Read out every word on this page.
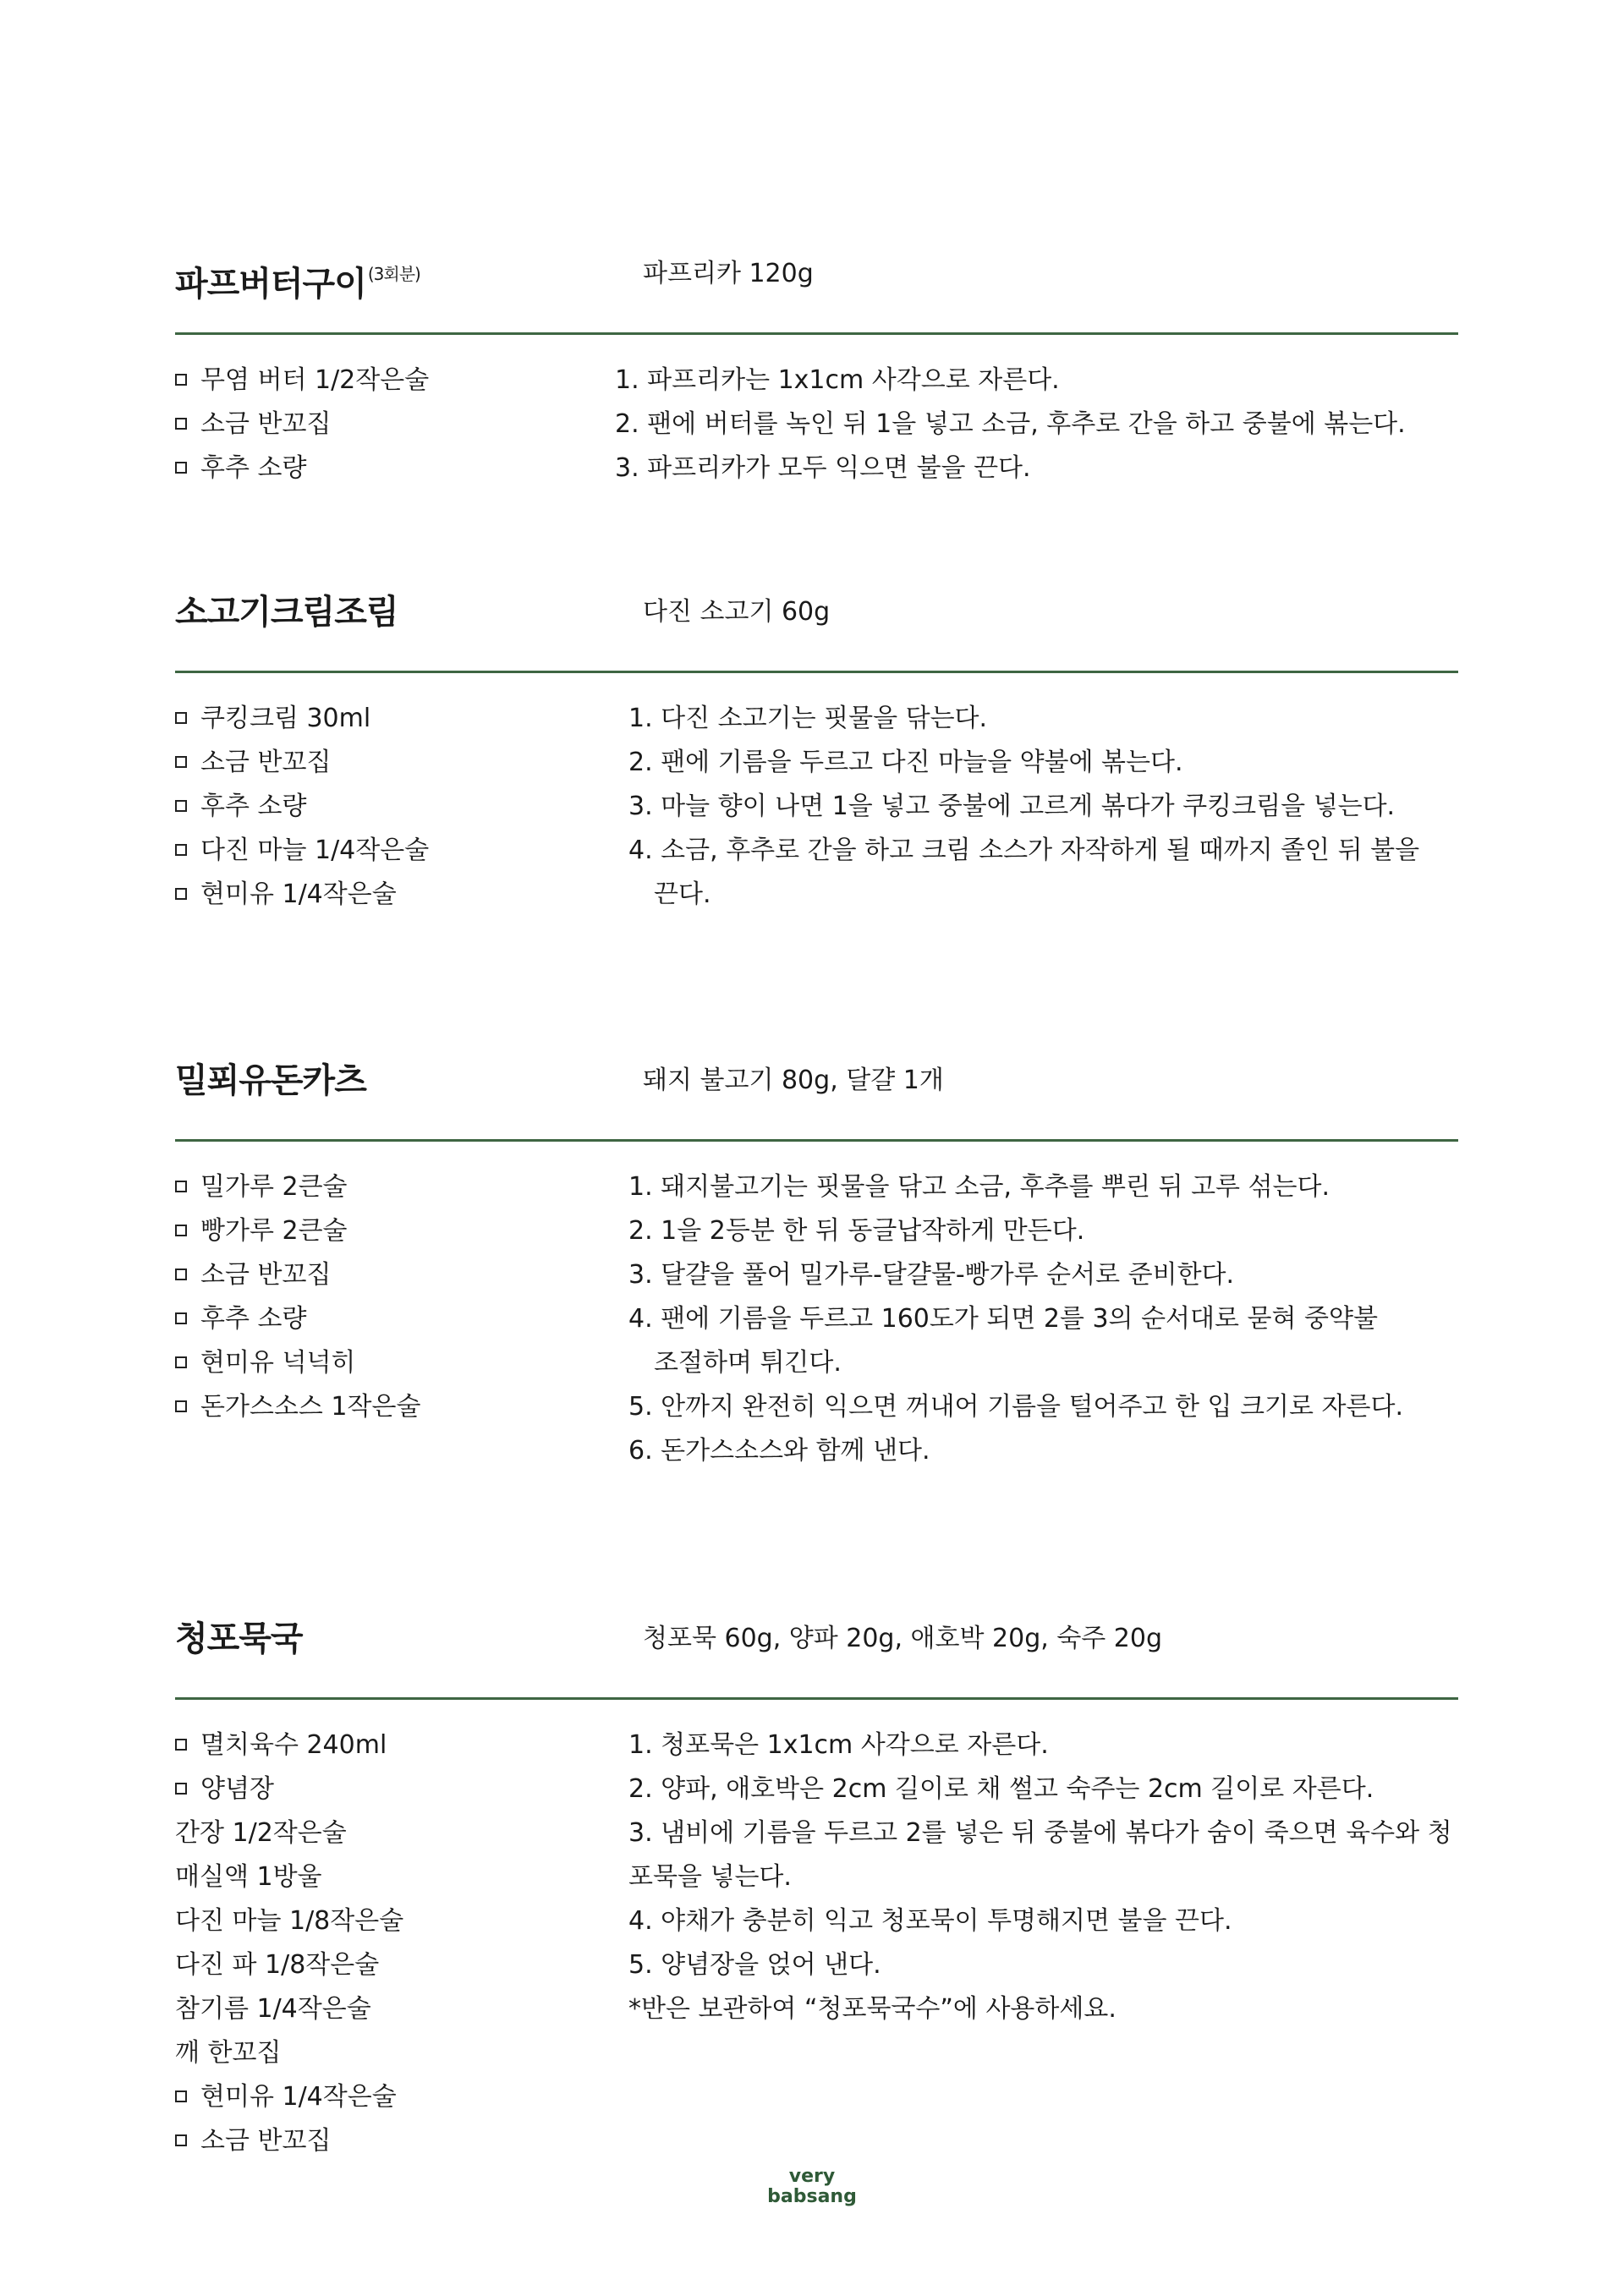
파프버터구이 $^{(3회분)}$	파프리카 120g
무염 버터 1/2작은술
소금 반꼬집
후추 소량
1. 파프리카는 1x1cm 사각으로 자른다.
2. 팬에 버터를 녹인 뒤 1을 넣고 소금, 후추로 간을 하고 중불에 볶는다.
3. 파프리카가 모두 익으면 불을 끈다.
소고기크림조림	다진 소고기 60g
쿠킹크림 30ml
소금 반꼬집
후추 소량
다진 마늘 1/4작은술
현미유 1/4작은술
1. 다진 소고기는 핏물을 닦는다.
2. 팬에 기름을 두르고 다진 마늘을 약불에 볶는다.
3. 마늘 향이 나면 1을 넣고 중불에 고르게 볶다가 쿠킹크림을 넣는다.
4. 소금, 후추로 간을 하고 크림 소스가 자작하게 될 때까지 졸인 뒤 불을
끈다.
밀푀유돈카츠	돼지 불고기 80g, 달걀 1개
밀가루 2큰술
빵가루 2큰술
소금 반꼬집
후추 소량
현미유 넉넉히
돈가스소스 1작은술
1. 돼지불고기는 핏물을 닦고 소금, 후추를 뿌린 뒤 고루 섞는다.
2. 1을 2등분 한 뒤 동글납작하게 만든다.
3. 달걀을 풀어 밀가루-달걀물-빵가루 순서로 준비한다.
4. 팬에 기름을 두르고 160도가 되면 2를 3의 순서대로 묻혀 중약불
조절하며 튀긴다.
5. 안까지 완전히 익으면 꺼내어 기름을 털어주고 한 입 크기로 자른다.
6. 돈가스소스와 함께 낸다.
청포묵국	청포묵 60g, 양파 20g, 애호박 20g, 숙주 20g
멸치육수 240ml
양념장
간장 1/2작은술
매실액 1방울
다진 마늘 1/8작은술
다진 파 1/8작은술
참기름 1/4작은술
깨 한꼬집
현미유 1/4작은술
소금 반꼬집
1. 청포묵은 1x1cm 사각으로 자른다.
2. 양파, 애호박은 2cm 길이로 채 썰고 숙주는 2cm 길이로 자른다.
3. 냄비에 기름을 두르고 2를 넣은 뒤 중불에 볶다가 숨이 죽으면 육수와 청
포묵을 넣는다.
4. 야채가 충분히 익고 청포묵이 투명해지면 불을 끈다.
5. 양념장을 얹어 낸다.
*반은 보관하여 “청포묵국수”에 사용하세요.
very
babsang
